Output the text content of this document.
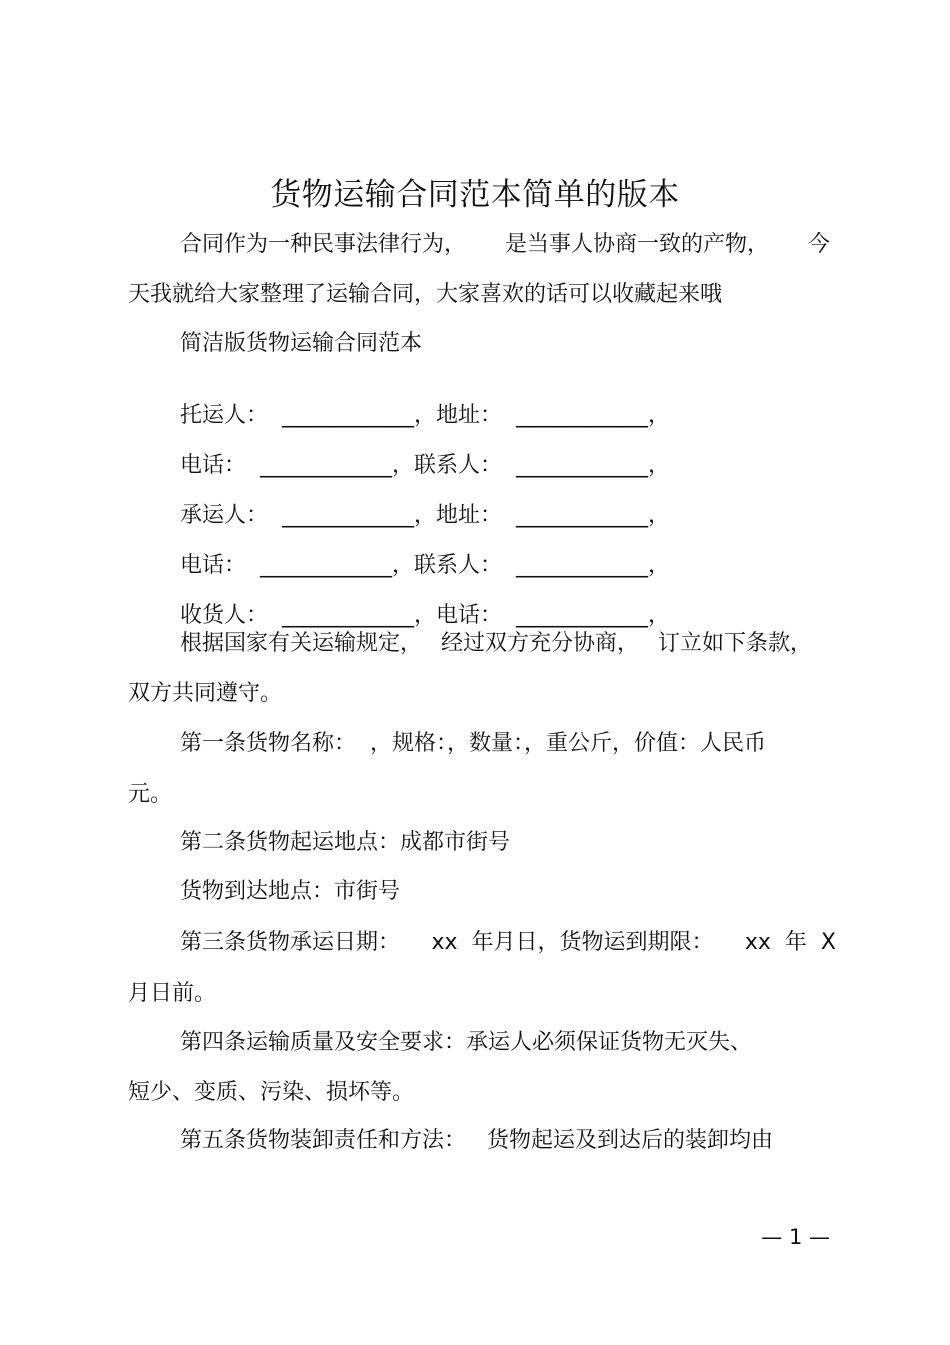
货物运输合同范本简单的版本
合同作为一种民事法律行为， 是当事人协商一致的产物， 今

天我就给大家整理了运输合同，大家喜欢的话可以收藏起来哦

简洁版货物运输合同范本

托运人：  ____________，地址：  ____________，

电话：  ____________，联系人：  ____________，

承运人：  ____________，地址：  ____________，

电话：  ____________，联系人：  ____________，

收货人：  ____________，电话：  ____________，

根据国家有关运输规定， 经过双方充分协商， 订立如下条款，

双方共同遵守。

第一条货物名称：  ，规格：，数量：，重公斤，价值：人民币

元。

第二条货物起运地点：成都市街号

货物到达地点：市街号

第三条货物承运日期： xx  年月日，货物运到期限： xx  年  X

月日前。

第四条运输质量及安全要求：承运人必须保证货物无灭失、

短少、变质、污染、损坏等。

第五条货物装卸责任和方法：   货物起运及到达后的装卸均由

— 1 —
